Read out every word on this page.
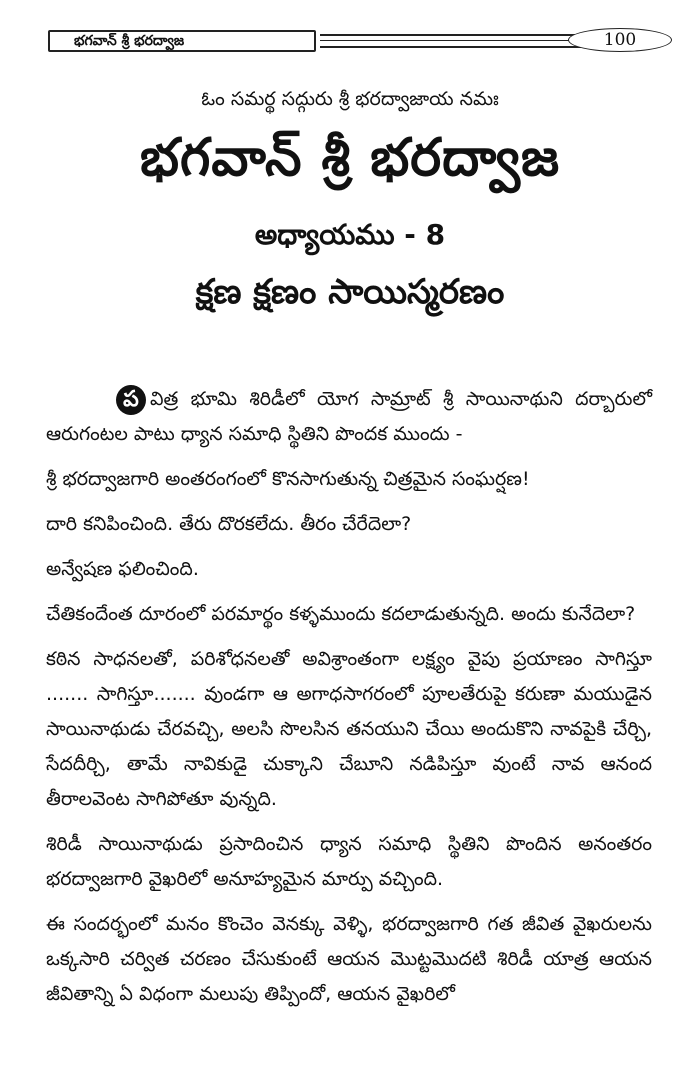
భగవాన్ శ్రీ భరద్వాజ	100
ఓం సమర్థ సద్గురు శ్రీ భరద్వాజాయ నమః
భగవాన్ శ్రీ భరద్వాజ
అధ్యాయము - 8
క్షణ క్షణం సాయిస్మరణం

ప విత్ర భూమి శిరిడీలో యోగ సామ్రాట్ శ్రీ సాయినాథుని దర్బారులో ఆరుగంటల పాటు ధ్యాన సమాధి స్థితిని పొందక ముందు -

శ్రీ భరద్వాజగారి అంతరంగంలో కొనసాగుతున్న చిత్రమైన సంఘర్షణ!

దారి కనిపించింది. తేరు దొరకలేదు. తీరం చేరేదెలా?

అన్వేషణ ఫలించింది.

చేతికందేంత దూరంలో పరమార్థం కళ్ళముందు కదలాడుతున్నది. అందు కునేదెలా?

కఠిన సాధనలతో, పరిశోధనలతో అవిశ్రాంతంగా లక్ష్యం వైపు ప్రయాణం సాగిస్తూ ....... సాగిస్తూ....... వుండగా ఆ అగాధసాగరంలో పూలతేరుపై కరుణా మయుడైన సాయినాథుడు చేరవచ్చి, అలసి సొలసిన తనయుని చేయి అందుకొని నావపైకి చేర్చి, సేదదీర్చి, తామే నావికుడై చుక్కాని చేబూని నడిపిస్తూ వుంటే నావ ఆనంద తీరాలవెంట సాగిపోతూ వున్నది.

శిరిడీ సాయినాథుడు ప్రసాదించిన ధ్యాన సమాధి స్థితిని పొందిన అనంతరం భరద్వాజగారి వైఖరిలో అనూహ్యమైన మార్పు వచ్చింది.

ఈ సందర్భంలో మనం కొంచెం వెనక్కు వెళ్ళి, భరద్వాజగారి గత జీవిత వైఖరులను ఒక్కసారి చర్విత చరణం చేసుకుంటే ఆయన మొట్టమొదటి శిరిడీ యాత్ర ఆయన జీవితాన్ని ఏ విధంగా మలుపు తిప్పిందో, ఆయన వైఖరిలో
